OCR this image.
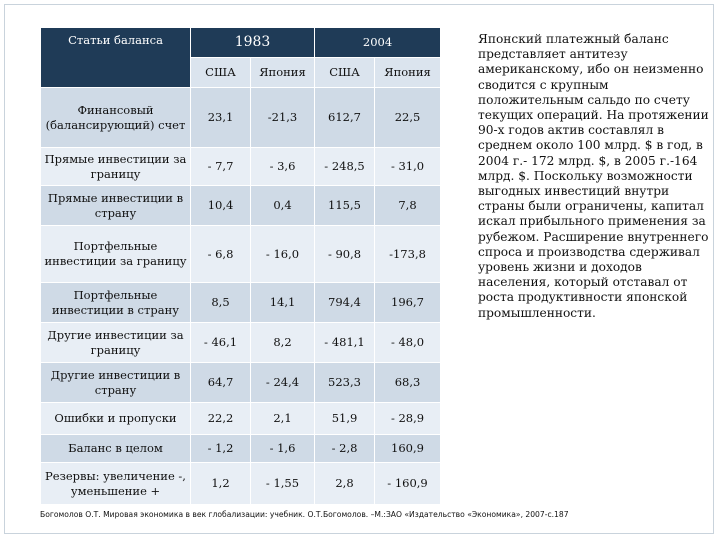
Статьи баланса	1983		2004	
	США	Япония	США	Япония
Финансовый (балансирующий) счет	23,1	-21,3	612,7	22,5
Прямые инвестиции за границу	- 7,7	- 3,6	- 248,5	- 31,0
Прямые инвестиции в страну	10,4	0,4	115,5	7,8
Портфельные инвестиции за границу	- 6,8	- 16,0	- 90,8	-173,8
Портфельные инвестиции в страну	8,5	14,1	794,4	196,7
Другие инвестиции за границу	- 46,1	8,2	- 481,1	- 48,0
Другие инвестиции в страну	64,7	- 24,4	523,3	68,3
Ошибки и пропуски	22,2	2,1	51,9	- 28,9
Баланс в целом	- 1,2	- 1,6	- 2,8	160,9
Резервы: увеличение -, уменьшение +	1,2	- 1,55	2,8	- 160,9

Японский платежный баланс представляет антитезу американскому, ибо он неизменно сводится с крупным положительным сальдо по счету текущих операций. На протяжении 90-х годов актив составлял в среднем около 100 млрд. $ в год, в 2004 г.- 172 млрд. $, в 2005 г.-164 млрд. $. Поскольку возможности выгодных инвестиций внутри страны были ограничены, капитал искал прибыльного применения за рубежом. Расширение внутреннего спроса и производства сдерживал уровень жизни и доходов населения, который отставал от роста продуктивности японской промышленности.

Богомолов О.Т. Мировая экономика в век глобализации: учебник. О.Т.Богомолов. –М.:ЗАО «Издательство «Экономика», 2007-с.187
